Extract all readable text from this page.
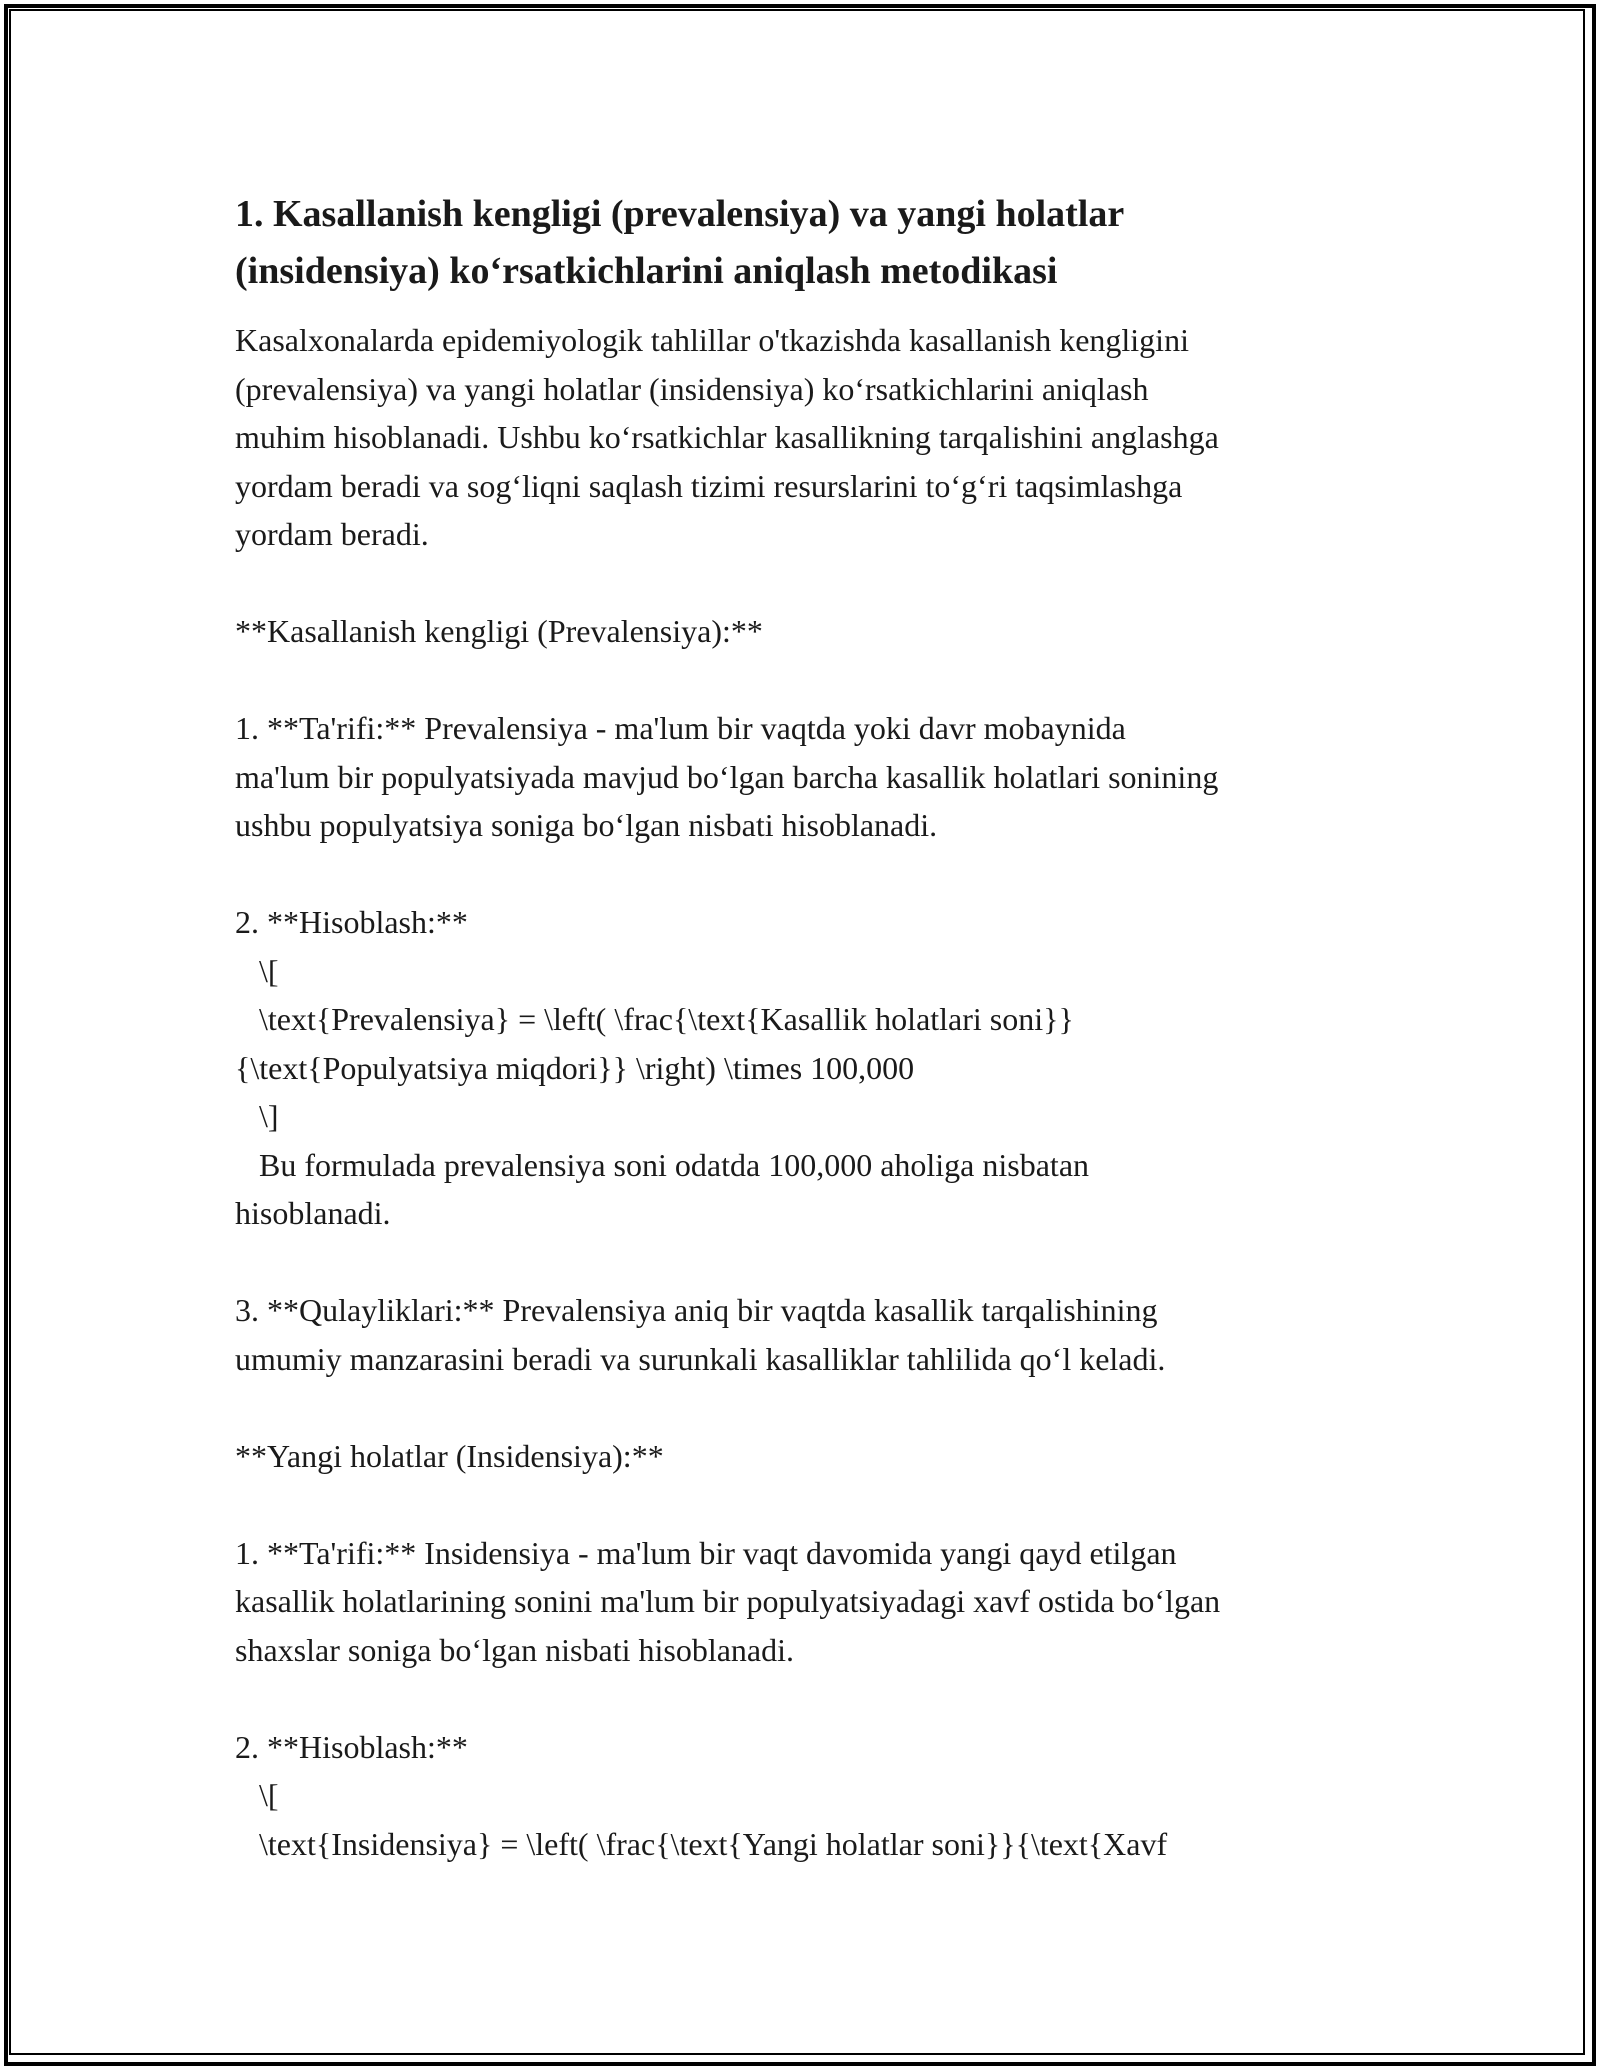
1. Kasallanish kengligi (prevalensiya) va yangi holatlar
(insidensiya) ko‘rsatkichlarini aniqlash metodikasi
Kasalxonalarda epidemiyologik tahlillar o'tkazishda kasallanish kengligini
(prevalensiya) va yangi holatlar (insidensiya) ko‘rsatkichlarini aniqlash
muhim hisoblanadi. Ushbu ko‘rsatkichlar kasallikning tarqalishini anglashga
yordam beradi va sog‘liqni saqlash tizimi resurslarini to‘g‘ri taqsimlashga
yordam beradi.
**Kasallanish kengligi (Prevalensiya):**
1. **Ta'rifi:** Prevalensiya - ma'lum bir vaqtda yoki davr mobaynida
ma'lum bir populyatsiyada mavjud bo‘lgan barcha kasallik holatlari sonining
ushbu populyatsiya soniga bo‘lgan nisbati hisoblanadi.
2. **Hisoblash:**
\[
\text{Prevalensiya} = \left( \frac{\text{Kasallik holatlari soni}}
{\text{Populyatsiya miqdori}} \right) \times 100,000
\]
Bu formulada prevalensiya soni odatda 100,000 aholiga nisbatan
hisoblanadi.
3. **Qulayliklari:** Prevalensiya aniq bir vaqtda kasallik tarqalishining
umumiy manzarasini beradi va surunkali kasalliklar tahlilida qo‘l keladi.
**Yangi holatlar (Insidensiya):**
1. **Ta'rifi:** Insidensiya - ma'lum bir vaqt davomida yangi qayd etilgan
kasallik holatlarining sonini ma'lum bir populyatsiyadagi xavf ostida bo‘lgan
shaxslar soniga bo‘lgan nisbati hisoblanadi.
2. **Hisoblash:**
\[
\text{Insidensiya} = \left( \frac{\text{Yangi holatlar soni}}{\text{Xavf
